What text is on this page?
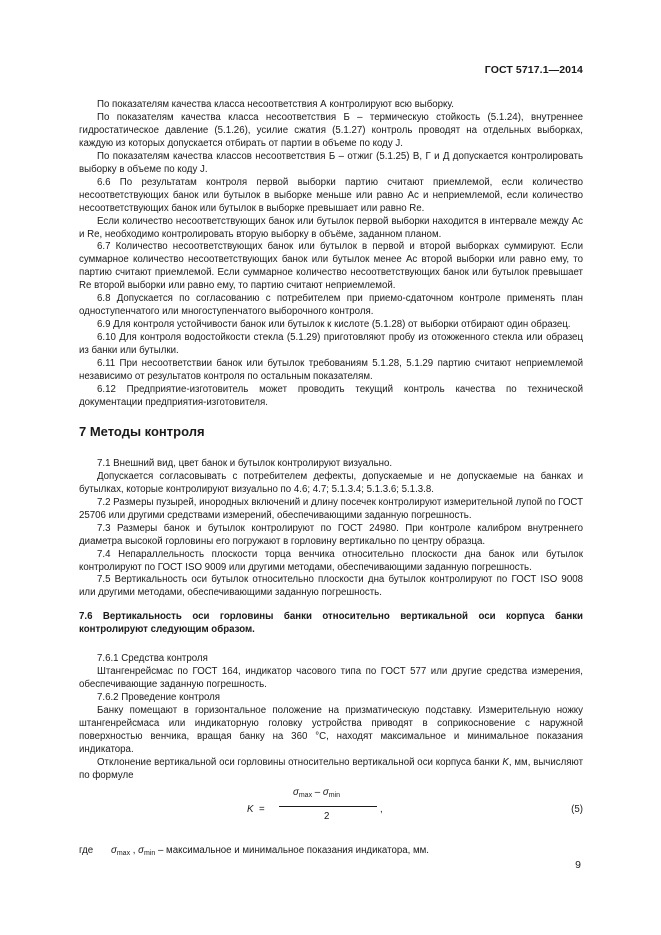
ГОСТ 5717.1—2014

По показателям качества класса несоответствия А контролируют всю выборку.

По показателям качества класса несоответствия Б – термическую стойкость (5.1.24), внутреннее гидростатическое давление (5.1.26), усилие сжатия (5.1.27) контроль проводят на отдельных выборках, каждую из которых допускается отбирать от партии в объеме по коду J.

По показателям качества классов несоответствия Б – отжиг (5.1.25) В, Г и Д допускается контролировать выборку в объеме по коду J.

6.6 По результатам контроля первой выборки партию считают приемлемой, если количество несоответствующих банок или бутылок в выборке меньше или равно Ac и неприемлемой, если количество несоответствующих банок или бутылок в выборке превышает или равно Re.

Если количество несоответствующих банок или бутылок первой выборки находится в интервале между Ac и Re, необходимо контролировать вторую выборку в объёме, заданном планом.

6.7 Количество несоответствующих банок или бутылок в первой и второй выборках суммируют. Если суммарное количество несоответствующих банок или бутылок менее Ac второй выборки или равно ему, то партию считают приемлемой. Если суммарное количество несоответствующих банок или бутылок превышает Re второй выборки или равно ему, то партию считают неприемлемой.

6.8 Допускается по согласованию с потребителем при приемо-сдаточном контроле применять план одноступенчатого или многоступенчатого выборочного контроля.

6.9 Для контроля устойчивости банок или бутылок к кислоте (5.1.28) от выборки отбирают один образец.

6.10 Для контроля водостойкости стекла (5.1.29) приготовляют пробу из отожженного стекла или образец из банки или бутылки.

6.11 При несоответствии банок или бутылок требованиям 5.1.28, 5.1.29 партию считают неприемлемой независимо от результатов контроля по остальным показателям.

6.12 Предприятие-изготовитель может проводить текущий контроль качества по технической документации предприятия-изготовителя.

7 Методы контроля

7.1 Внешний вид, цвет банок и бутылок контролируют визуально.

Допускается согласовывать с потребителем дефекты, допускаемые и не допускаемые на банках и бутылках, которые контролируют визуально по 4.6; 4.7; 5.1.3.4; 5.1.3.6; 5.1.3.8.

7.2 Размеры пузырей, инородных включений и длину посечек контролируют измерительной лупой по ГОСТ 25706 или другими средствами измерений, обеспечивающими заданную погрешность.

7.3 Размеры банок и бутылок контролируют по ГОСТ 24980. При контроле калибром внутреннего диаметра высокой горловины его погружают в горловину вертикально по центру образца.

7.4 Непараллельность плоскости торца венчика относительно плоскости дна банок или бутылок контролируют по ГОСТ ISO 9009 или другими методами, обеспечивающими заданную погрешность.

7.5 Вертикальность оси бутылок относительно плоскости дна бутылок контролируют по ГОСТ ISO 9008 или другими методами, обеспечивающими заданную погрешность.

7.6 Вертикальность оси горловины банки относительно вертикальной оси корпуса банки контролируют следующим образом.

7.6.1 Средства контроля

Штангенрейсмас по ГОСТ 164, индикатор часового типа по ГОСТ 577 или другие средства измерения, обеспечивающие заданную погрешность.

7.6.2 Проведение контроля

Банку помещают в горизонтальное положение на призматическую подставку. Измерительную ножку штангенрейсмаса или индикаторную головку устройства приводят в соприкосновение с наружной поверхностью венчика, вращая банку на 360 °С, находят максимальное и минимальное показания индикатора.

Отклонение вертикальной оси горловины относительно вертикальной оси корпуса банки K, мм, вычисляют по формуле

K =
$\sigma_{max} - \sigma_{min}$
2
,	(5)

где $\sigma_{max}$ , $\sigma_{min}$ – максимальное и минимальное показания индикатора, мм.

9
